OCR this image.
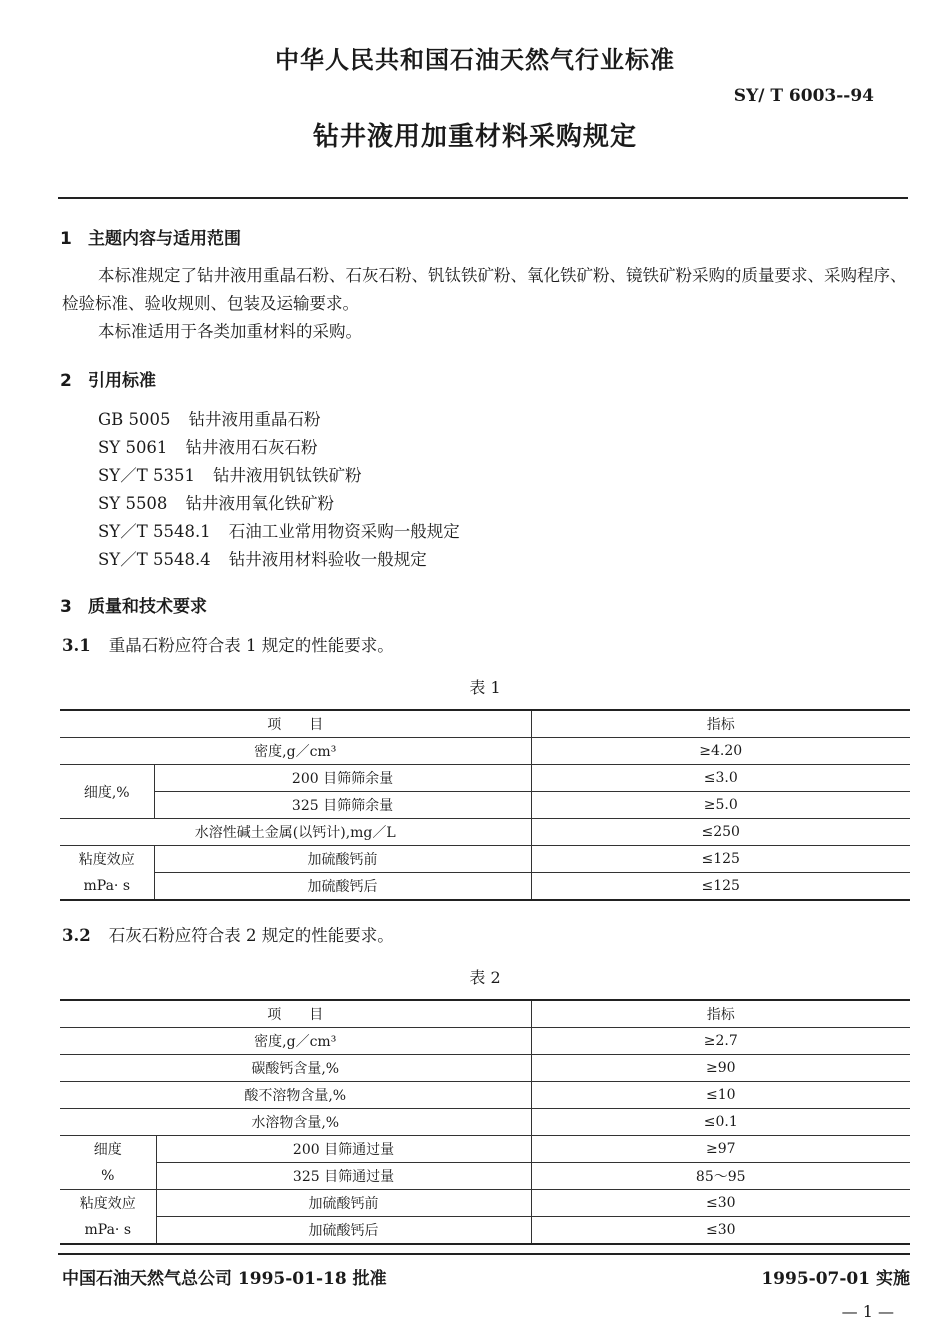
中华人民共和国石油天然气行业标准
SY/ T 6003--94
钻井液用加重材料采购规定
1 主题内容与适用范围
本标准规定了钻井液用重晶石粉、石灰石粉、钒钛铁矿粉、氧化铁矿粉、镜铁矿粉采购的质量要求、采购程序、检验标准、验收规则、包装及运输要求。
本标准适用于各类加重材料的采购。
2 引用标准
GB 5005 钻井液用重晶石粉
SY 5061 钻井液用石灰石粉
SY／T 5351 钻井液用钒钛铁矿粉
SY 5508 钻井液用氧化铁矿粉
SY／T 5548.1 石油工业常用物资采购一般规定
SY／T 5548.4 钻井液用材料验收一般规定
3 质量和技术要求
3.1 重晶石粉应符合表 1 规定的性能要求。
表 1
项　　目		指标
密度,g／cm³		≥4.20
细度,%	200 目筛筛余量	≤3.0
	325 目筛筛余量	≥5.0
水溶性碱土金属(以钙计),mg／L		≤250
粘度效应	加硫酸钙前	≤125
mPa· s	加硫酸钙后	≤125
3.2 石灰石粉应符合表 2 规定的性能要求。
表 2
项　　目		指标
密度,g／cm³		≥2.7
碳酸钙含量,%		≥90
酸不溶物含量,%		≤10
水溶物含量,%		≤0.1
细度	200 目筛通过量	≥97
%	325 目筛通过量	85～95
粘度效应	加硫酸钙前	≤30
mPa· s	加硫酸钙后	≤30
中国石油天然气总公司 1995-01-18 批准	1995-07-01 实施
— 1 —
